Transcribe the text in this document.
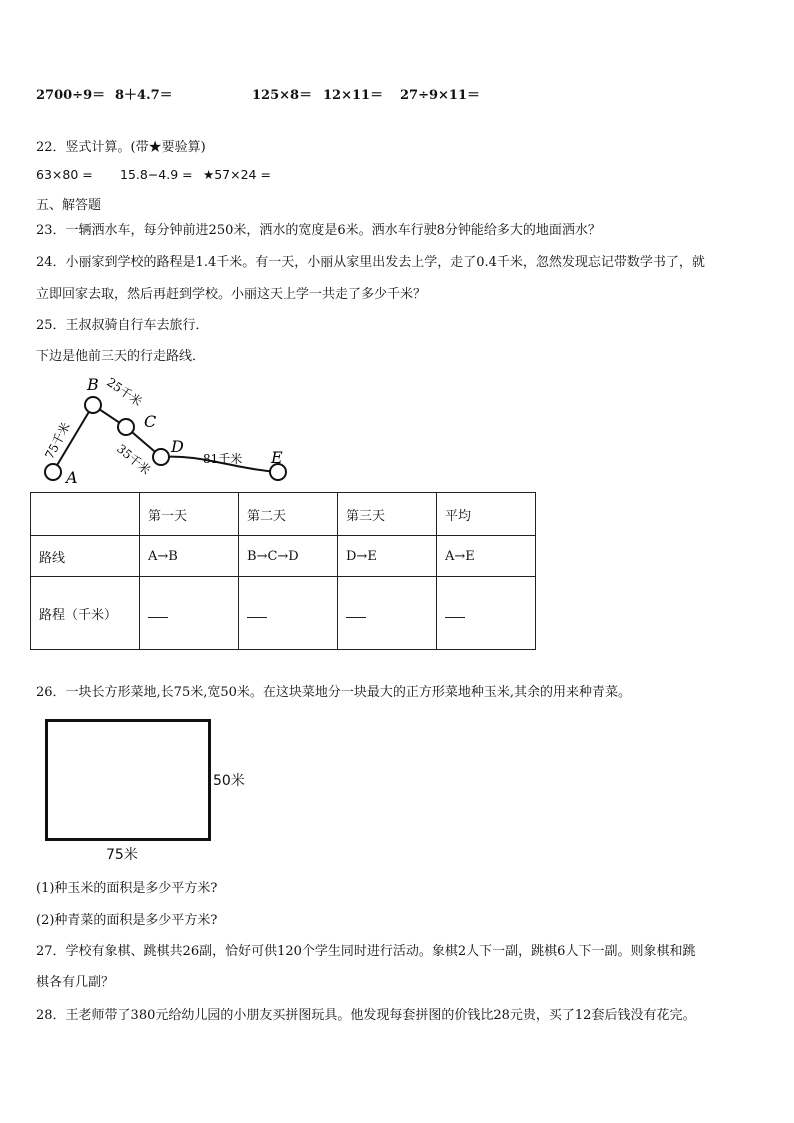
2700÷9＝ 8＋4.7＝	125×8＝ 12×11＝ 27÷9×11＝
22．竖式计算。(带★要验算)
63×80 = 15.8−4.9 = ★57×24 =
五、解答题
23．一辆洒水车，每分钟前进250米，洒水的宽度是6米。洒水车行驶8分钟能给多大的地面洒水？
24．小丽家到学校的路程是1.4千米。有一天，小丽从家里出发去上学，走了0.4千米，忽然发现忘记带数学书了，就
立即回家去取，然后再赶到学校。小丽这天上学一共走了多少千米？
25．王叔叔骑自行车去旅行．
下边是他前三天的行走路线．
A
B
C
D
E
75千米
25千米
35千米	81千米
	第一天	第二天	第三天	平均
路线	A→B	B→C→D	D→E	A→E
路程（千米）				
26．一块长方形菜地,长75米,宽50米。在这块菜地分一块最大的正方形菜地种玉米,其余的用来种青菜。
50米
75米
(1)种玉米的面积是多少平方米?
(2)种青菜的面积是多少平方米?
27．学校有象棋、跳棋共26副，恰好可供120个学生同时进行活动。象棋2人下一副，跳棋6人下一副。则象棋和跳
棋各有几副？
28．王老师带了380元给幼儿园的小朋友买拼图玩具。他发现每套拼图的价钱比28元贵，买了12套后钱没有花完。
